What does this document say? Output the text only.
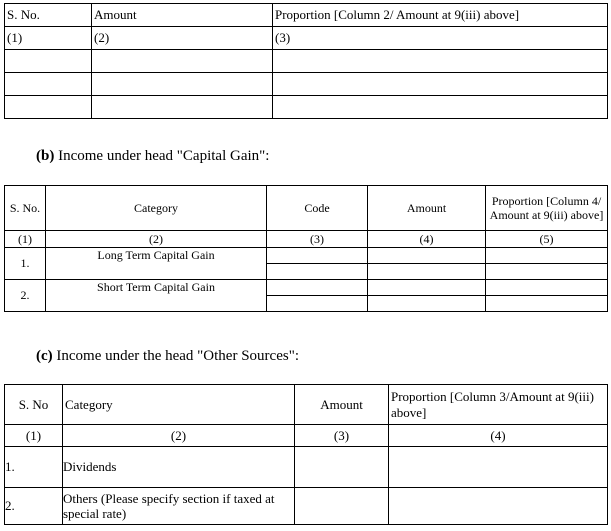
S. No.	Amount	Proportion [Column 2/ Amount at 9(iii) above]
(1)	(2)	(3)

(b) Income under head "Capital Gain":
S. No.	Category	Code	Amount	Proportion [Column 4/ Amount at 9(iii) above]
(1)	(2)	(3)	(4)	(5)
1.	Long Term Capital Gain			

2.	Short Term Capital Gain			

(c) Income under the head "Other Sources":
S. No	Category	Amount	Proportion [Column 3/Amount at 9(iii) above]
(1)	(2)	(3)	(4)
1.	Dividends		
2.	Others (Please specify section if taxed at special rate)		
